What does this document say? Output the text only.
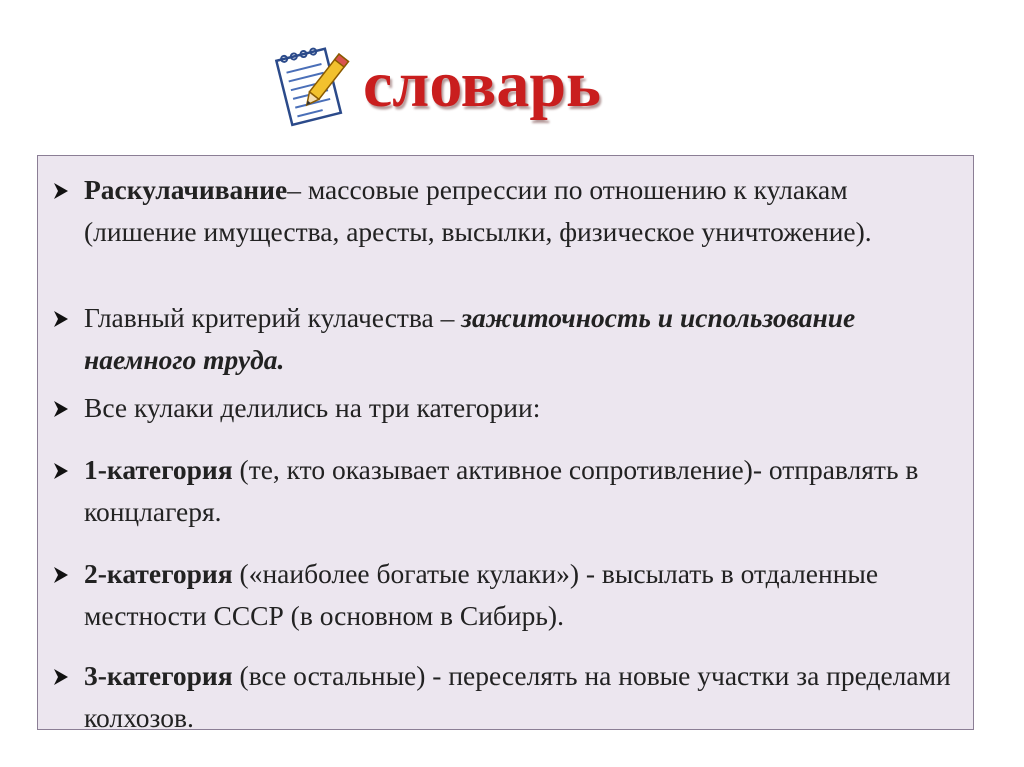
словарь
Раскулачивание– массовые репрессии по отношению к кулакам (лишение имущества, аресты, высылки, физическое уничтожение).
Главный критерий кулачества – зажиточность и использование наемного труда.
Все кулаки делились на три категории:
1-категория (те, кто оказывает активное сопротивление)- отправлять в концлагеря.
2-категория («наиболее богатые кулаки») - высылать в отдаленные местности СССР (в основном в Сибирь).
3-категория (все остальные) - переселять на новые участки за пределами колхозов.
